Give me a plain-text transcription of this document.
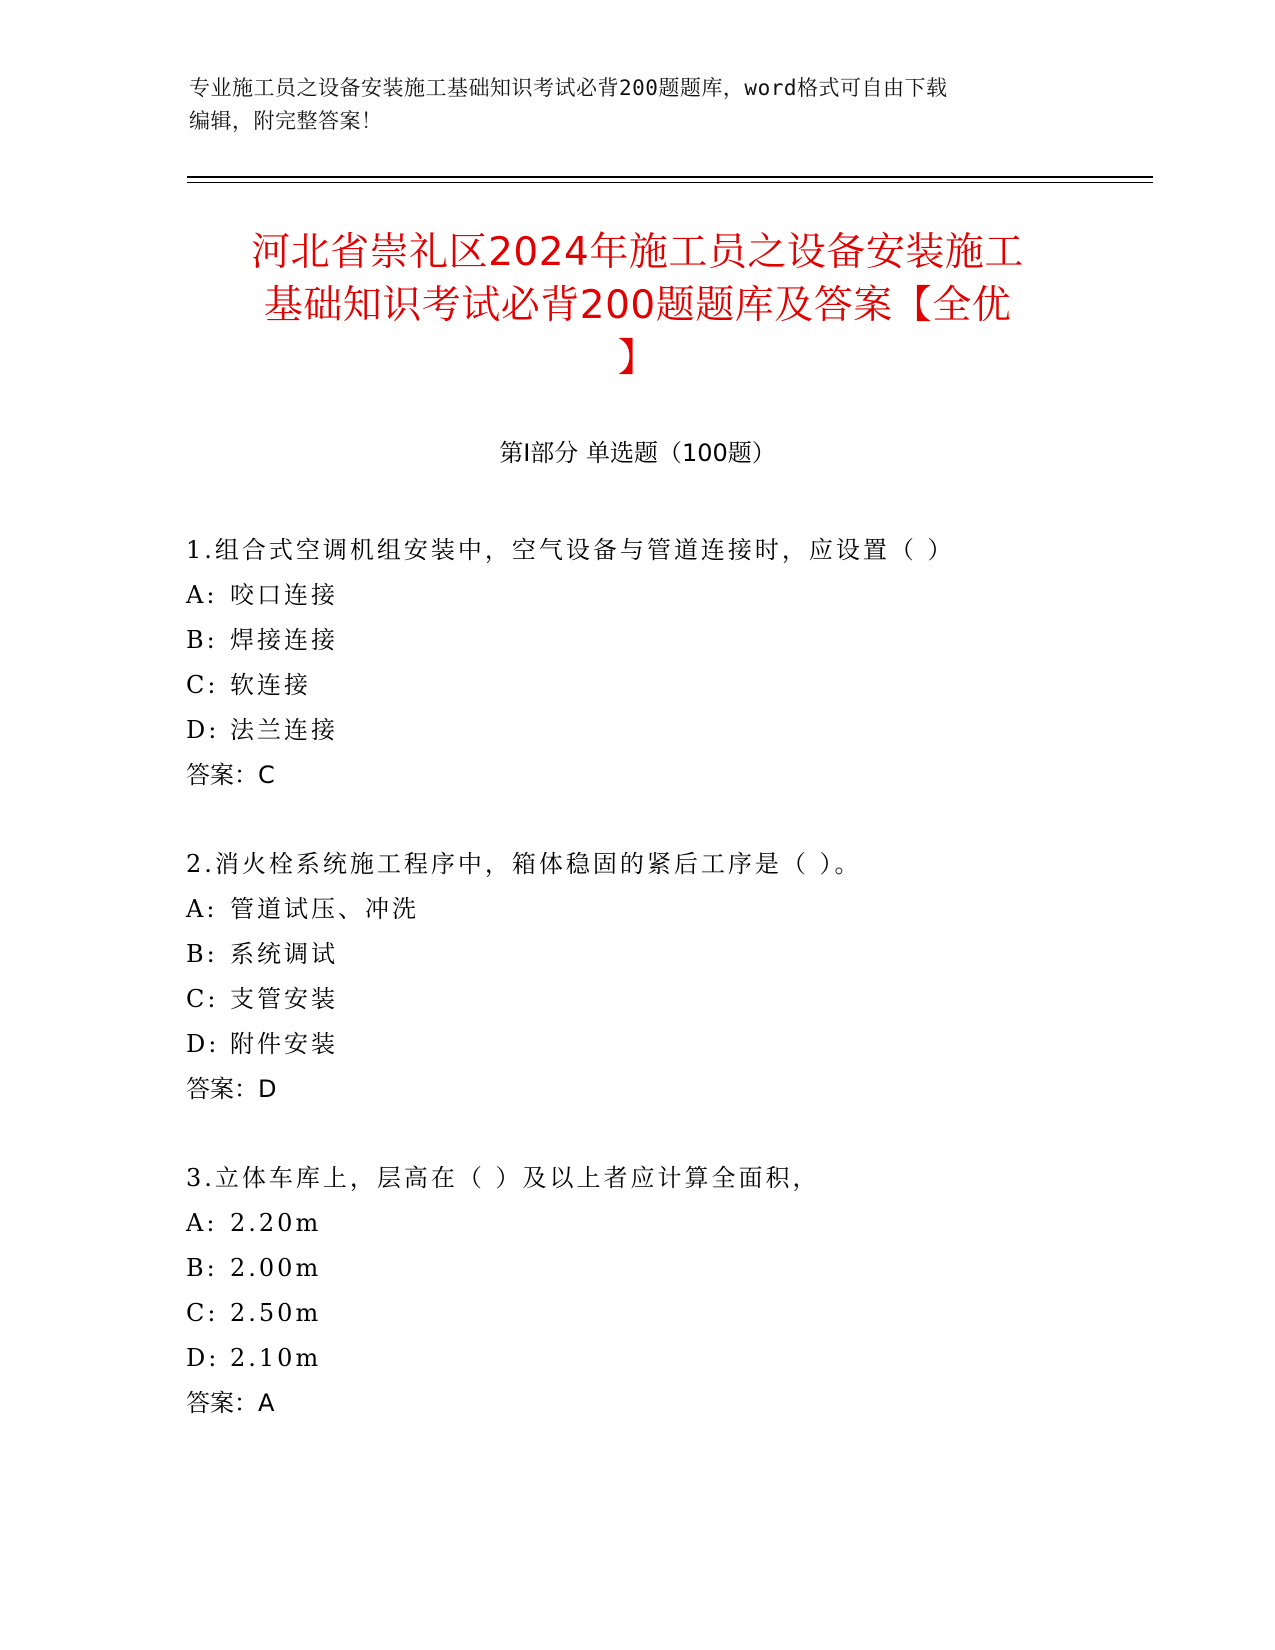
专业施工员之设备安装施工基础知识考试必背200题题库，word格式可自由下载
编辑，附完整答案！
河北省崇礼区2024年施工员之设备安装施工
基础知识考试必背200题题库及答案【全优
】
第Ⅰ部分 单选题（100题）
1.组合式空调机组安装中，空气设备与管道连接时，应设置（ ）
A: 咬口连接
B: 焊接连接
C: 软连接
D: 法兰连接
答案：C
2.消火栓系统施工程序中，箱体稳固的紧后工序是（ ）。
A: 管道试压、冲洗
B: 系统调试
C: 支管安装
D: 附件安装
答案：D
3.立体车库上，层高在（ ）及以上者应计算全面积，
A: 2.20m
B: 2.00m
C: 2.50m
D: 2.10m
答案：A
